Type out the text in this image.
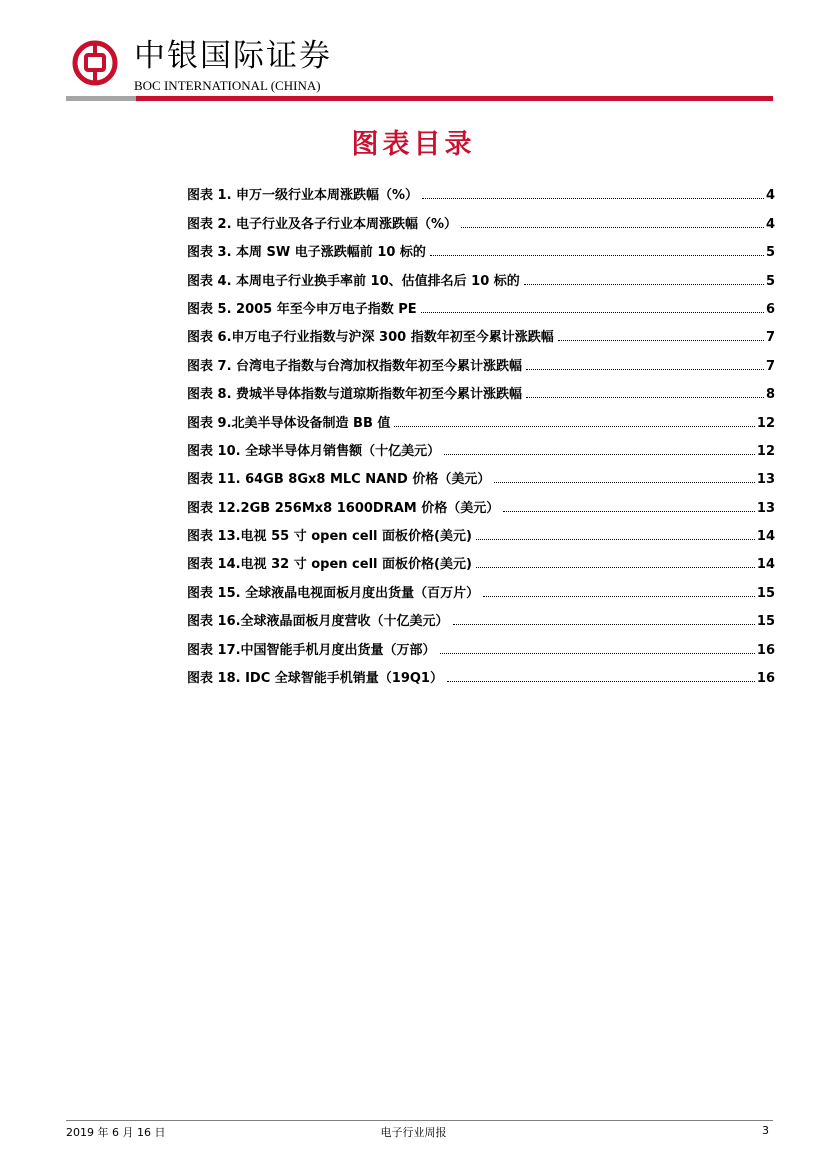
中银国际证券
BOC INTERNATIONAL (CHINA)
图表目录
图表 1. 申万一级行业本周涨跌幅（%）	4
图表 2. 电子行业及各子行业本周涨跌幅（%）	4
图表 3. 本周 SW 电子涨跌幅前 10 标的	5
图表 4. 本周电子行业换手率前 10、估值排名后 10 标的	5
图表 5. 2005 年至今申万电子指数 PE	6
图表 6.申万电子行业指数与沪深 300 指数年初至今累计涨跌幅	7
图表 7. 台湾电子指数与台湾加权指数年初至今累计涨跌幅	7
图表 8. 费城半导体指数与道琼斯指数年初至今累计涨跌幅	8
图表 9.北美半导体设备制造 BB 值	12
图表 10. 全球半导体月销售额（十亿美元）	12
图表 11. 64GB 8Gx8 MLC NAND 价格（美元）	13
图表 12.2GB 256Mx8 1600DRAM 价格（美元）	13
图表 13.电视 55 寸 open cell 面板价格(美元)	14
图表 14.电视 32 寸 open cell 面板价格(美元)	14
图表 15. 全球液晶电视面板月度出货量（百万片）	15
图表 16.全球液晶面板月度营收（十亿美元）	15
图表 17.中国智能手机月度出货量（万部）	16
图表 18. IDC 全球智能手机销量（19Q1）	16
2019 年 6 月 16 日	电子行业周报	3
